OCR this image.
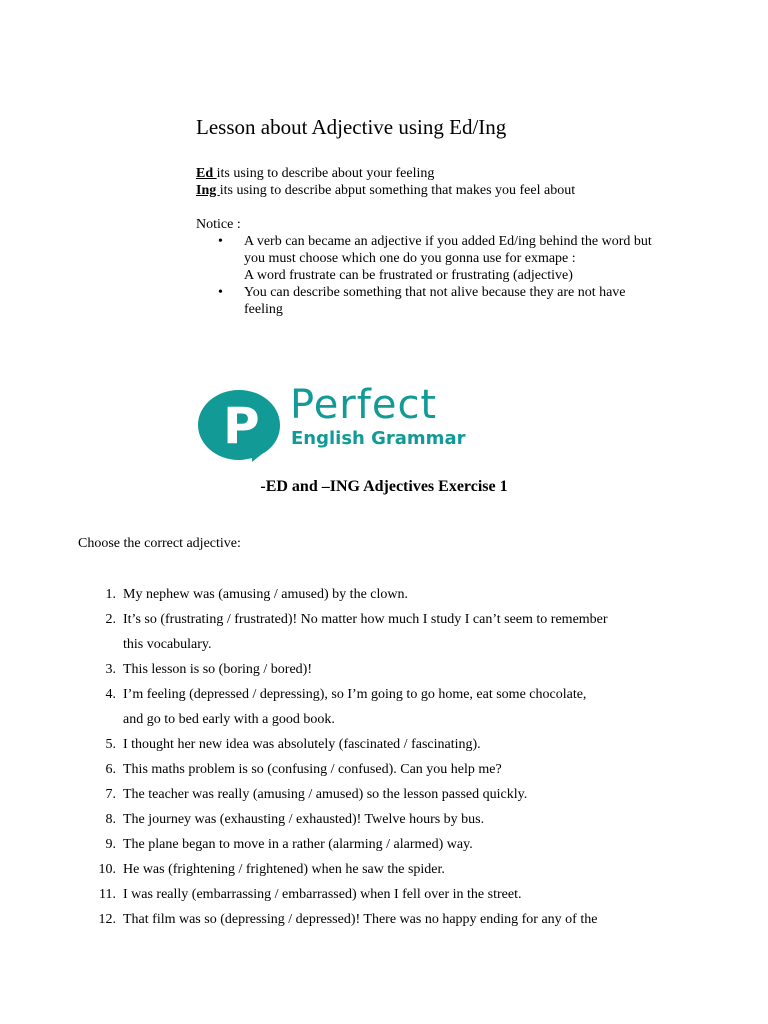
Lesson about Adjective using Ed/Ing
Ed its using to describe about your feeling
Ing its using to describe abput something that makes you feel about
Notice :
• A verb can became an adjective if you added Ed/ing behind the word but
you must choose which one do you gonna use for exmape :
A word frustrate can be frustrated or frustrating (adjective)
• You can describe something that not alive because they are not have
feeling
P Perfect
English Grammar
-ED and –ING Adjectives Exercise 1
Choose the correct adjective:
1. My nephew was (amusing / amused) by the clown.
2. It’s so (frustrating / frustrated)! No matter how much I study I can’t seem to remember
this vocabulary.
3. This lesson is so (boring / bored)!
4. I’m feeling (depressed / depressing), so I’m going to go home, eat some chocolate,
and go to bed early with a good book.
5. I thought her new idea was absolutely (fascinated / fascinating).
6. This maths problem is so (confusing / confused). Can you help me?
7. The teacher was really (amusing / amused) so the lesson passed quickly.
8. The journey was (exhausting / exhausted)! Twelve hours by bus.
9. The plane began to move in a rather (alarming / alarmed) way.
10. He was (frightening / frightened) when he saw the spider.
11. I was really (embarrassing / embarrassed) when I fell over in the street.
12. That film was so (depressing / depressed)! There was no happy ending for any of the
